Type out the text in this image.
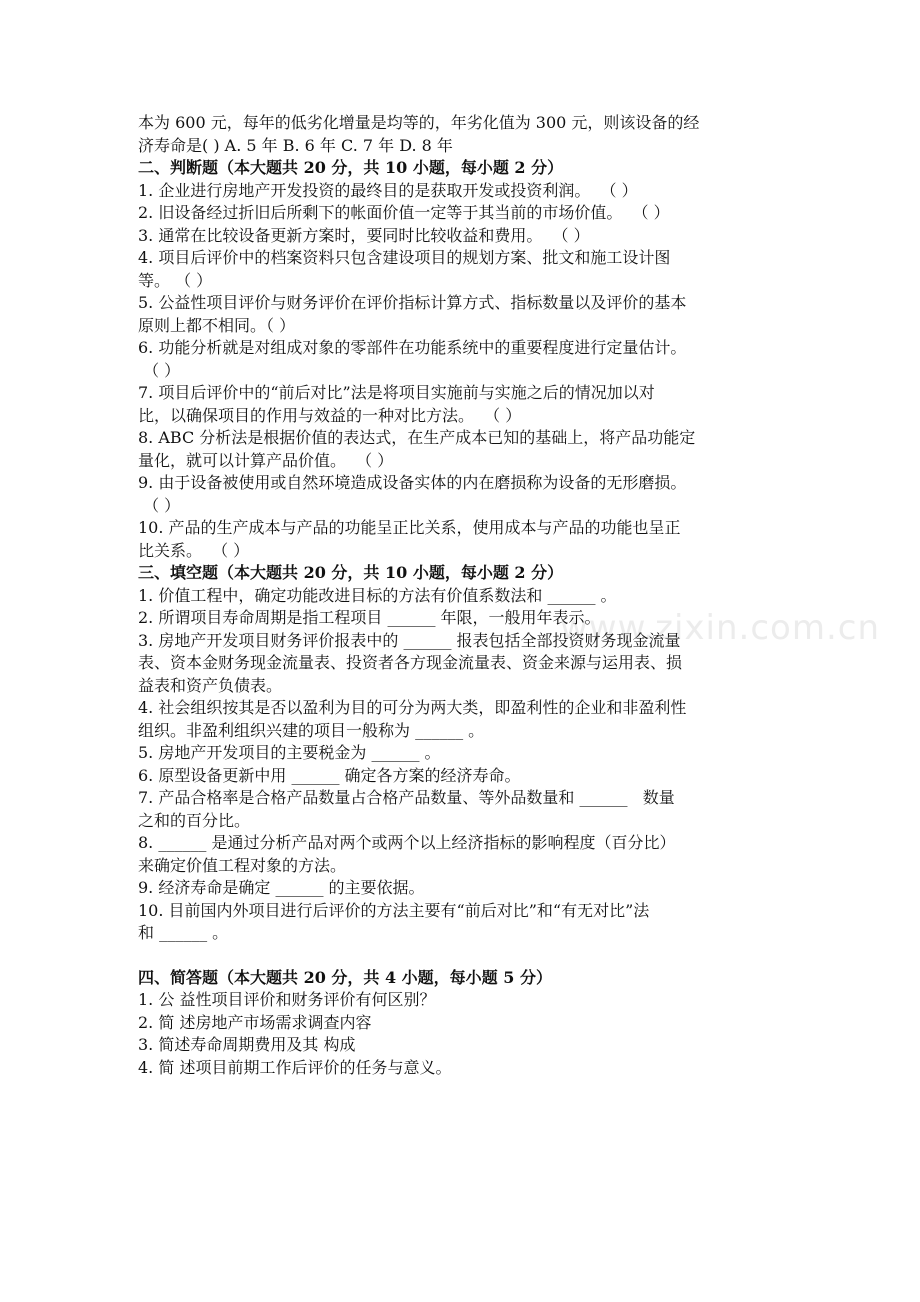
www.zixin.com.cn

本为 600 元，每年的低劣化增量是均等的，年劣化值为 300 元，则该设备的经

济寿命是( ) A. 5 年 B. 6 年 C. 7 年 D. 8 年

二、判断题（本大题共 20 分，共 10 小题，每小题 2 分）

1. 企业进行房地产开发投资的最终目的是获取开发或投资利润。  （ ）

2. 旧设备经过折旧后所剩下的帐面价值一定等于其当前的市场价值。  （ ）

3. 通常在比较设备更新方案时，要同时比较收益和费用。  （ ）

4. 项目后评价中的档案资料只包含建设项目的规划方案、批文和施工设计图

等。 （ ）

5. 公益性项目评价与财务评价在评价指标计算方式、指标数量以及评价的基本

原则上都不相同。（ ）

6. 功能分析就是对组成对象的零部件在功能系统中的重要程度进行定量估计。

（ ）

7. 项目后评价中的“前后对比”法是将项目实施前与实施之后的情况加以对

比，以确保项目的作用与效益的一种对比方法。  （ ）

8. ABC 分析法是根据价值的表达式，在生产成本已知的基础上，将产品功能定

量化，就可以计算产品价值。  （ ）

9. 由于设备被使用或自然环境造成设备实体的内在磨损称为设备的无形磨损。

（ ）

10. 产品的生产成本与产品的功能呈正比关系，使用成本与产品的功能也呈正

比关系。  （ ）

三、填空题（本大题共 20 分，共 10 小题，每小题 2 分）

1. 价值工程中，确定功能改进目标的方法有价值系数法和 ______ 。

2. 所谓项目寿命周期是指工程项目 ______ 年限，一般用年表示。

3. 房地产开发项目财务评价报表中的 ______ 报表包括全部投资财务现金流量

表、资本金财务现金流量表、投资者各方现金流量表、资金来源与运用表、损

益表和资产负债表。

4. 社会组织按其是否以盈利为目的可分为两大类，即盈利性的企业和非盈利性

组织。非盈利组织兴建的项目一般称为 ______ 。

5. 房地产开发项目的主要税金为 ______ 。

6. 原型设备更新中用 ______ 确定各方案的经济寿命。

7. 产品合格率是合格产品数量占合格产品数量、等外品数量和 ______   数量

之和的百分比。

8. ______ 是通过分析产品对两个或两个以上经济指标的影响程度（百分比）

来确定价值工程对象的方法。

9. 经济寿命是确定 ______ 的主要依据。

10. 目前国内外项目进行后评价的方法主要有“前后对比”和“有无对比”法

和 ______ 。

四、简答题（本大题共 20 分，共 4 小题，每小题 5 分）

1. 公 益性项目评价和财务评价有何区别？

2. 简 述房地产市场需求调查内容

3. 简述寿命周期费用及其 构成

4. 简 述项目前期工作后评价的任务与意义。
